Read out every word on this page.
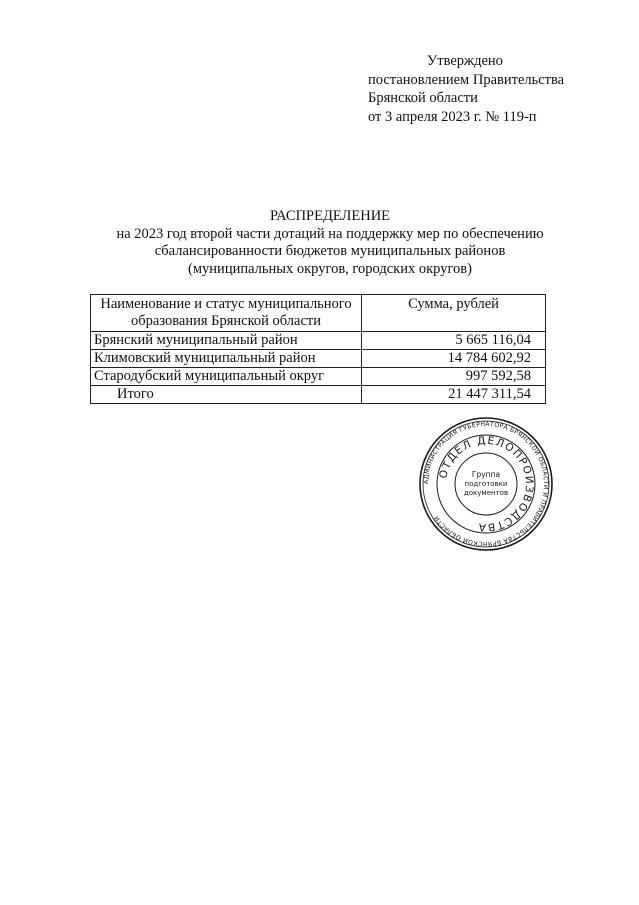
Утверждено
постановлением Правительства
Брянской области
от 3 апреля 2023 г. № 119-п
РАСПРЕДЕЛЕНИЕ
на 2023 год второй части дотаций на поддержку мер по обеспечению
сбалансированности бюджетов муниципальных районов
(муниципальных округов, городских округов)
Наименование и статус муниципального
образования Брянской области	Сумма, рублей
Брянский муниципальный район	5 665 116,04
Климовский муниципальный район	14 784 602,92
Стародубский муниципальный округ	997 592,58
Итого	21 447 311,54
АДМИНИСТРАЦИЯ ГУБЕРНАТОРА БРЯНСКОЙ ОБЛАСТИ И ПРАВИТЕЛЬСТВА БРЯНСКОЙ ОБЛАСТИ
ОТДЕЛ ДЕЛОПРОИЗВОДСТВА
Группа
подготовки
документов
